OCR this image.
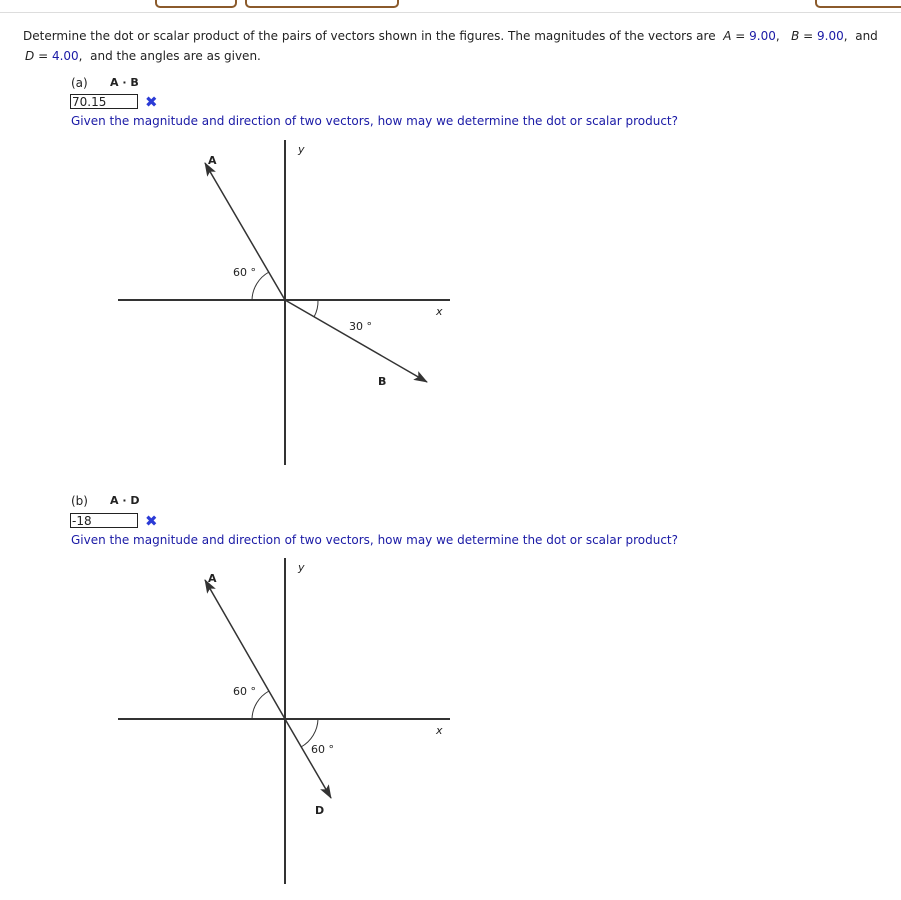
Determine the dot or scalar product of the pairs of vectors shown in the figures. The magnitudes of the vectors are A = 9.00,   B = 9.00,  and
D = 4.00,  and the angles are as given.
(a) A · B
70.15	✖
Given the magnitude and direction of two vectors, how may we determine the dot or scalar product?
(b) A · D
-18	✖
Given the magnitude and direction of two vectors, how may we determine the dot or scalar product?
y
x
A
B
60 °
30 °
y
x
A
D
60 °
60 °
